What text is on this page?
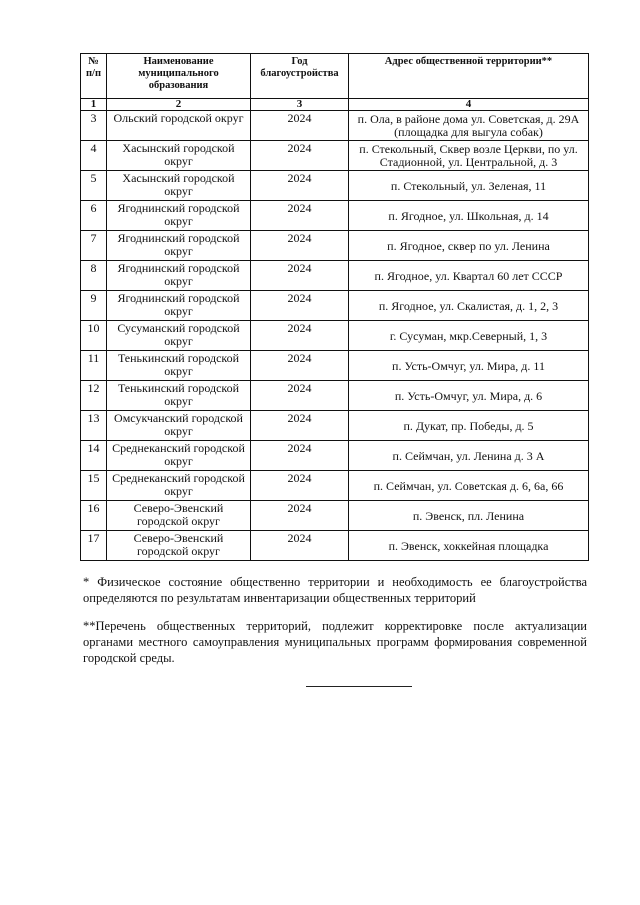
№ п/п	Наименование муниципального образования	Год благоустройства	Адрес общественной территории**
1	2	3	4
3	Ольский городской округ	2024	п. Ола, в районе дома ул. Советская, д. 29А (площадка для выгула собак)
4	Хасынский городской округ	2024	п. Стекольный, Сквер возле Церкви, по ул. Стадионной, ул. Центральной, д. 3
5	Хасынский городской округ	2024	п. Стекольный, ул. Зеленая, 11
6	Ягоднинский городской округ	2024	п. Ягодное, ул. Школьная, д. 14
7	Ягоднинский городской округ	2024	п. Ягодное, сквер по ул. Ленина
8	Ягоднинский городской округ	2024	п. Ягодное, ул. Квартал 60 лет СССР
9	Ягоднинский городской округ	2024	п. Ягодное, ул. Скалистая, д. 1, 2, 3
10	Сусуманский городской округ	2024	г. Сусуман, мкр.Северный, 1, 3
11	Тенькинский городской округ	2024	п. Усть-Омчуг, ул. Мира, д. 11
12	Тенькинский городской округ	2024	п. Усть-Омчуг, ул. Мира, д. 6
13	Омсукчанский городской округ	2024	п. Дукат, пр. Победы, д. 5
14	Среднеканский городской округ	2024	п. Сеймчан, ул. Ленина д. 3 А
15	Среднеканский городской округ	2024	п. Сеймчан, ул. Советская д. 6, 6а, 66
16	Северо-Эвенский городской округ	2024	п. Эвенск, пл. Ленина
17	Северо-Эвенский городской округ	2024	п. Эвенск, хоккейная площадка
* Физическое состояние общественно территории и необходимость ее благоустройства определяются по результатам инвентаризации общественных территорий
**Перечень общественных территорий, подлежит корректировке после актуализации органами местного самоуправления муниципальных программ формирования современной городской среды.
